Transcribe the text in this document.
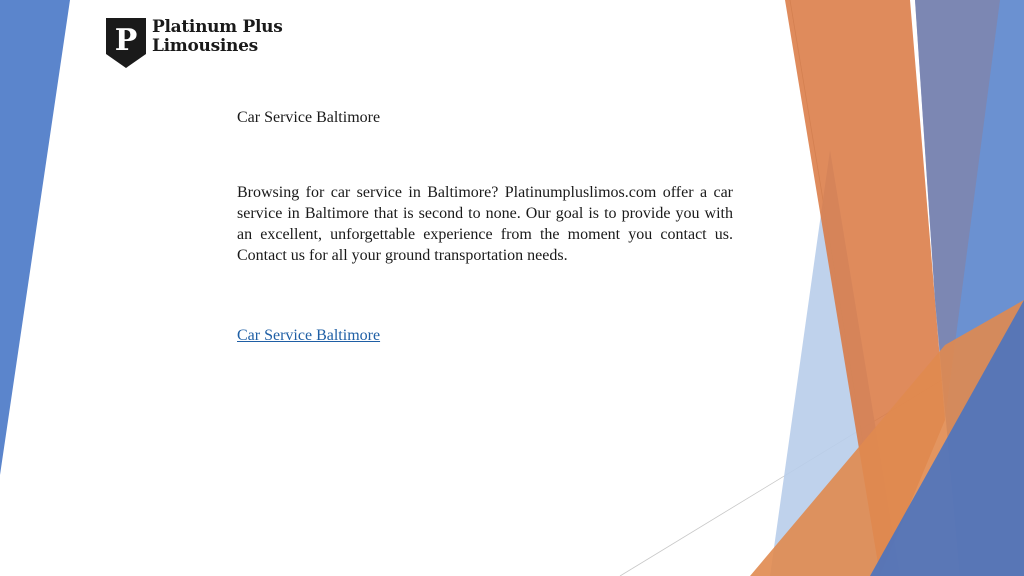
P Platinum Plus
Limousines
Car Service Baltimore

Browsing for car service in Baltimore? Platinumpluslimos.com offer a car service in Baltimore that is second to none. Our goal is to provide you with an excellent, unforgettable experience from the moment you contact us. Contact us for all your ground transportation needs.

Car Service Baltimore
